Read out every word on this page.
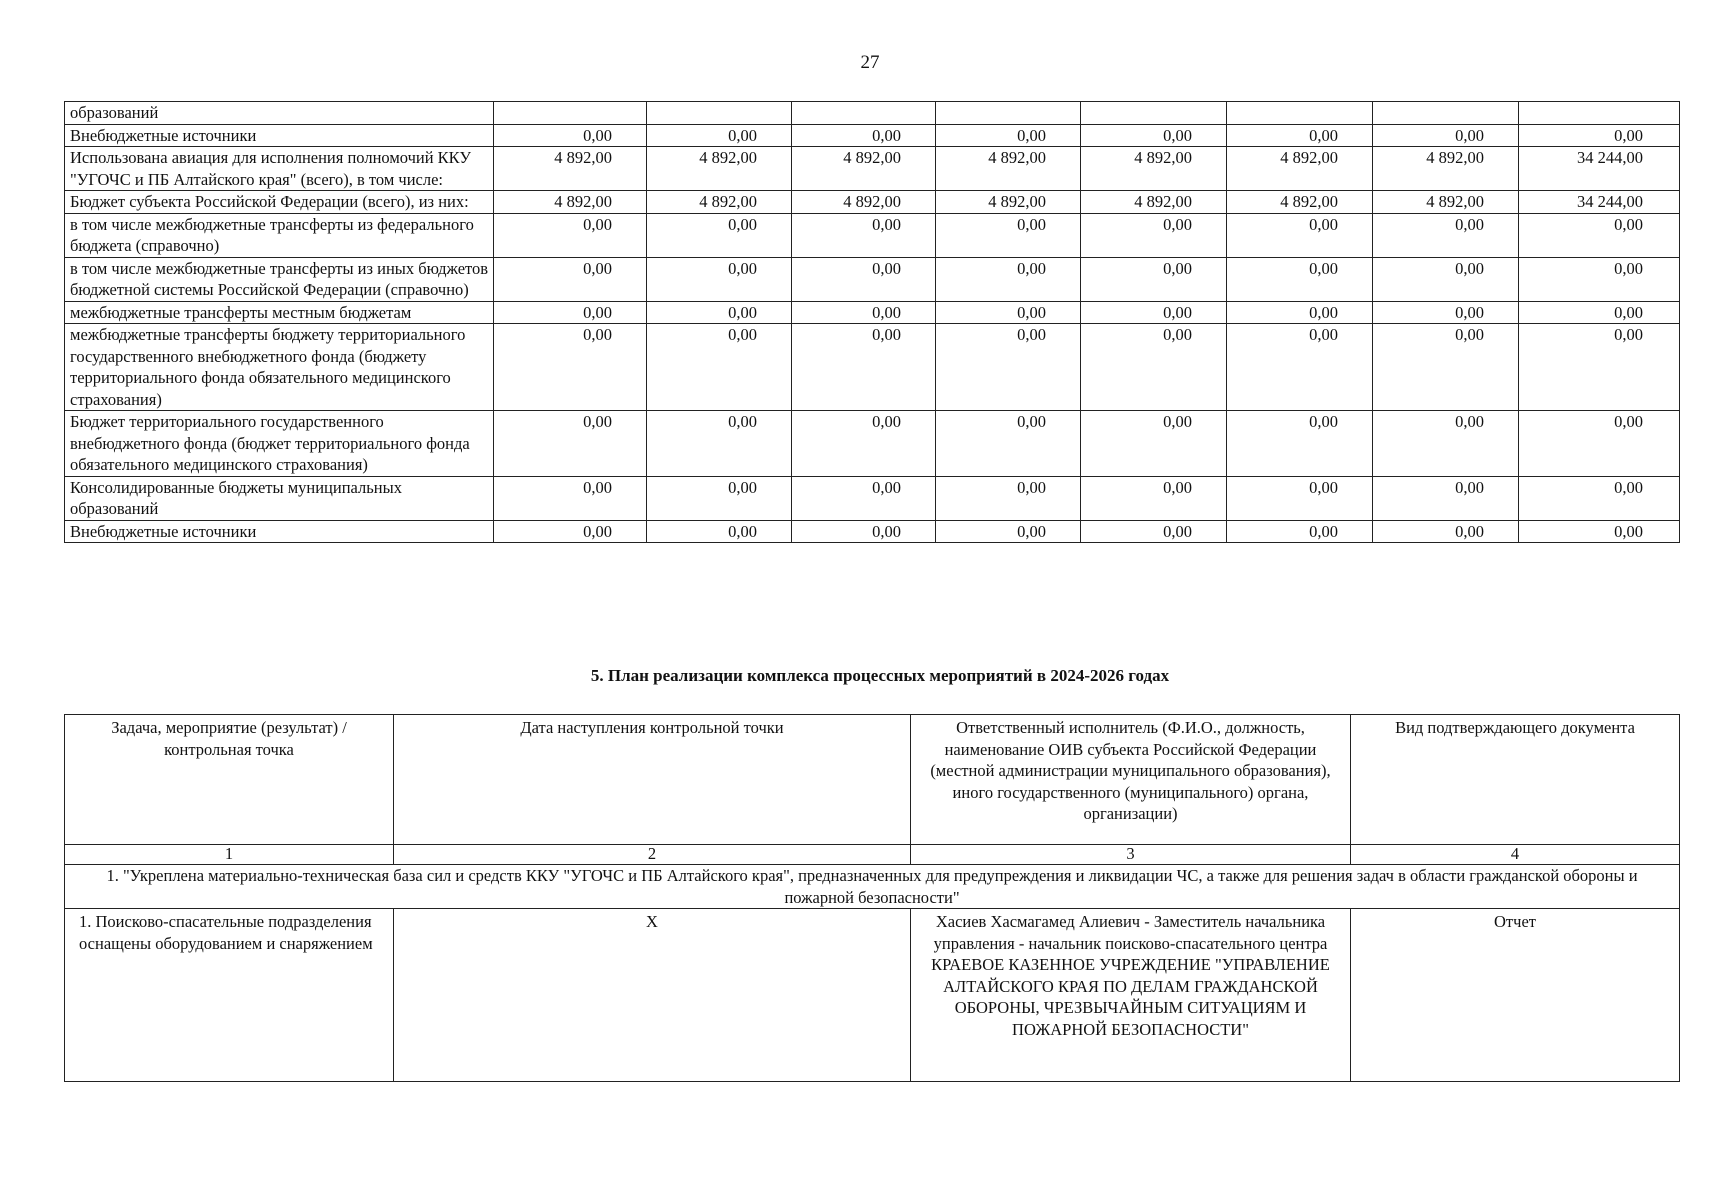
27
образований								
Внебюджетные источники	0,00	0,00	0,00	0,00	0,00	0,00	0,00	0,00
Использована авиация для исполнения полномочий ККУ "УГОЧС и ПБ Алтайского края" (всего), в том числе:	4 892,00	4 892,00	4 892,00	4 892,00	4 892,00	4 892,00	4 892,00	34 244,00
Бюджет субъекта Российской Федерации (всего), из них:	4 892,00	4 892,00	4 892,00	4 892,00	4 892,00	4 892,00	4 892,00	34 244,00
в том числе межбюджетные трансферты из федерального бюджета (справочно)	0,00	0,00	0,00	0,00	0,00	0,00	0,00	0,00
в том числе межбюджетные трансферты из иных бюджетов бюджетной системы Российской Федерации (справочно)	0,00	0,00	0,00	0,00	0,00	0,00	0,00	0,00
межбюджетные трансферты местным бюджетам	0,00	0,00	0,00	0,00	0,00	0,00	0,00	0,00
межбюджетные трансферты бюджету территориального государственного внебюджетного фонда (бюджету территориального фонда обязательного медицинского страхования)	0,00	0,00	0,00	0,00	0,00	0,00	0,00	0,00
Бюджет территориального государственного внебюджетного фонда (бюджет территориального фонда обязательного медицинского страхования)	0,00	0,00	0,00	0,00	0,00	0,00	0,00	0,00
Консолидированные бюджеты муниципальных образований	0,00	0,00	0,00	0,00	0,00	0,00	0,00	0,00
Внебюджетные источники	0,00	0,00	0,00	0,00	0,00	0,00	0,00	0,00
5. План реализации комплекса процессных мероприятий в 2024-2026 годах
Задача, мероприятие (результат) / контрольная точка	Дата наступления контрольной точки	Ответственный исполнитель (Ф.И.О., должность, наименование ОИВ субъекта Российской Федерации (местной администрации муниципального образования), иного государственного (муниципального) органа, организации)	Вид подтверждающего документа
1	2	3	4
1. "Укреплена материально-техническая база сил и средств ККУ "УГОЧС и ПБ Алтайского края", предназначенных для предупреждения и ликвидации ЧС, а также для решения задач в области гражданской обороны и пожарной безопасности"			
1. Поисково-спасательные подразделения оснащены оборудованием и снаряжением	X	Хасиев Хасмагамед Алиевич - Заместитель начальника управления - начальник поисково-спасательного центра
КРАЕВОЕ КАЗЕННОЕ УЧРЕЖДЕНИЕ "УПРАВЛЕНИЕ АЛТАЙСКОГО КРАЯ ПО ДЕЛАМ ГРАЖДАНСКОЙ ОБОРОНЫ, ЧРЕЗВЫЧАЙНЫМ СИТУАЦИЯМ И ПОЖАРНОЙ БЕЗОПАСНОСТИ"	Отчет
